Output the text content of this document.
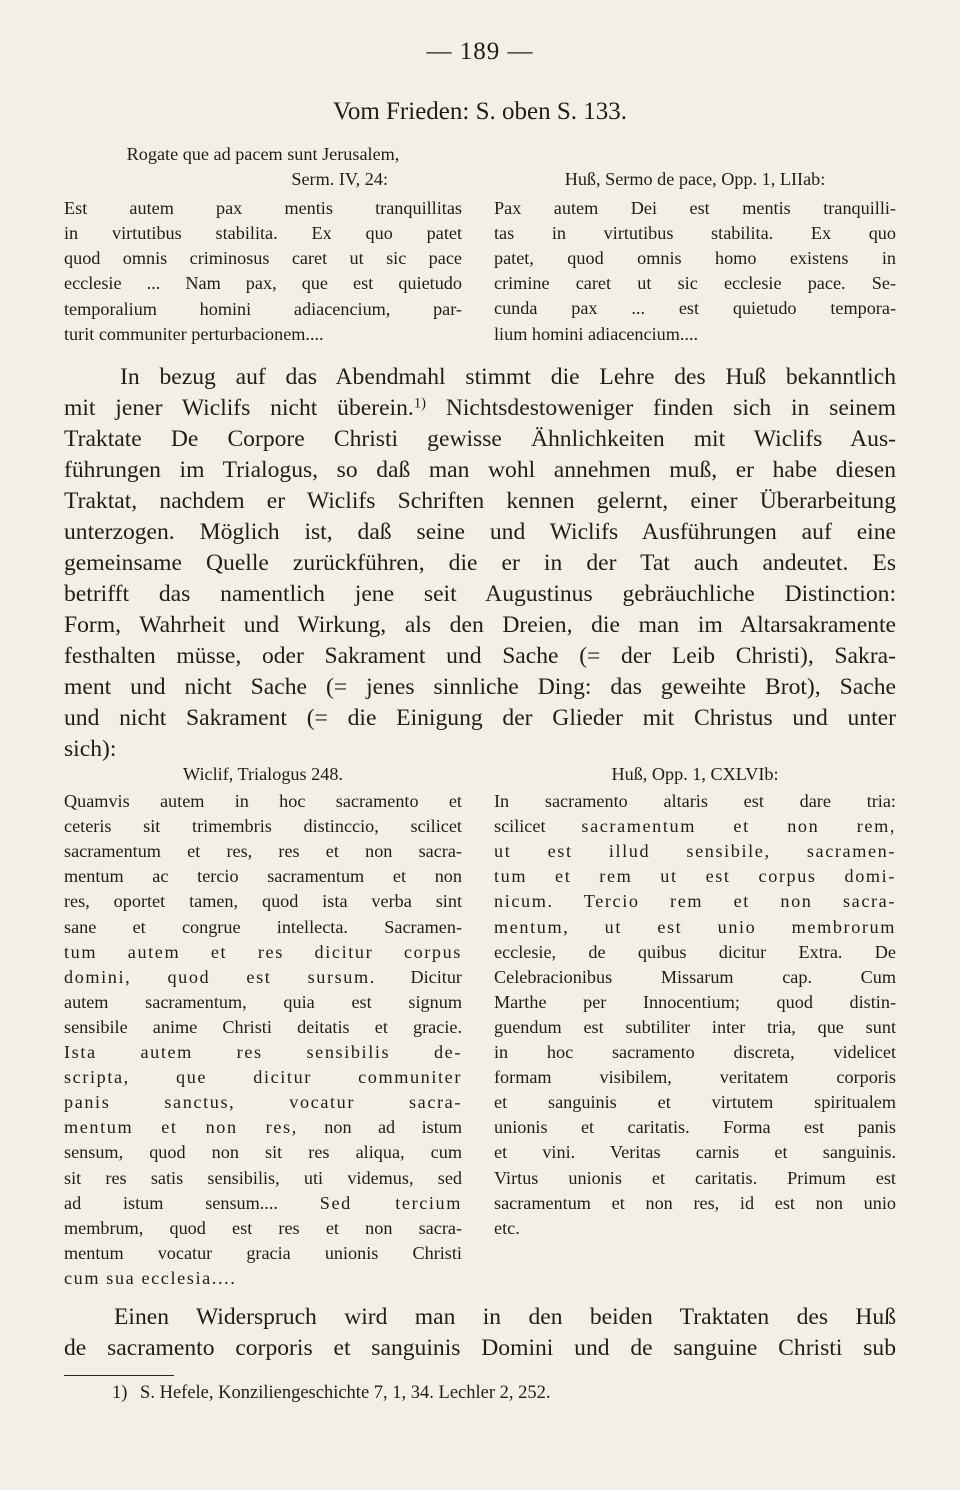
— 189 —
Vom Frieden: S. oben S. 133.
Rogate que ad pacem sunt Jerusalem,
Serm. IV, 24:
Est autem pax mentis tranquillitas
in virtutibus stabilita. Ex quo patet
quod omnis criminosus caret ut sic pace
ecclesie ... Nam pax, que est quietudo
temporalium homini adiacencium, par-
turit communiter perturbacionem....
Huß, Sermo de pace, Opp. 1, LIIab:
Pax autem Dei est mentis tranquilli-
tas in virtutibus stabilita. Ex quo
patet, quod omnis homo existens in
crimine caret ut sic ecclesie pace. Se-
cunda pax ... est quietudo tempora-
lium homini adiacencium....
In bezug auf das Abendmahl stimmt die Lehre des Huß bekanntlich
mit jener Wiclifs nicht überein.$^{1)}$ Nichtsdestoweniger finden sich in seinem
Traktate De Corpore Christi gewisse Ähnlichkeiten mit Wiclifs Aus-
führungen im Trialogus, so daß man wohl annehmen muß, er habe diesen
Traktat, nachdem er Wiclifs Schriften kennen gelernt, einer Überarbeitung
unterzogen. Möglich ist, daß seine und Wiclifs Ausführungen auf eine
gemeinsame Quelle zurückführen, die er in der Tat auch andeutet. Es
betrifft das namentlich jene seit Augustinus gebräuchliche Distinction:
Form, Wahrheit und Wirkung, als den Dreien, die man im Altarsakramente
festhalten müsse, oder Sakrament und Sache (= der Leib Christi), Sakra-
ment und nicht Sache (= jenes sinnliche Ding: das geweihte Brot), Sache
und nicht Sakrament (= die Einigung der Glieder mit Christus und unter
sich):
Wiclif, Trialogus 248.
Quamvis autem in hoc sacramento et
ceteris sit trimembris distinccio, scilicet
sacramentum et res, res et non sacra-
mentum ac tercio sacramentum et non
res, oportet tamen, quod ista verba sint
sane et congrue intellecta. Sacramen-
tum autem et res dicitur corpus
domini, quod est sursum. Dicitur
autem sacramentum, quia est signum
sensibile anime Christi deitatis et gracie.
Ista autem res sensibilis de-
scripta, que dicitur communiter
panis sanctus, vocatur sacra-
mentum et non res, non ad istum
sensum, quod non sit res aliqua, cum
sit res satis sensibilis, uti videmus, sed
ad istum sensum.... Sed tercium
membrum, quod est res et non sacra-
mentum vocatur gracia unionis Christi
cum sua ecclesia....
Huß, Opp. 1, CXLVIb:
In sacramento altaris est dare tria:
scilicet sacramentum et non rem,
ut est illud sensibile, sacramen-
tum et rem ut est corpus domi-
nicum. Tercio rem et non sacra-
mentum, ut est unio membrorum
ecclesie, de quibus dicitur Extra. De
Celebracionibus Missarum cap. Cum
Marthe per Innocentium; quod distin-
guendum est subtiliter inter tria, que sunt
in hoc sacramento discreta, videlicet
formam visibilem, veritatem corporis
et sanguinis et virtutem spiritualem
unionis et caritatis. Forma est panis
et vini. Veritas carnis et sanguinis.
Virtus unionis et caritatis. Primum est
sacramentum et non res, id est non unio
etc.
Einen Widerspruch wird man in den beiden Traktaten des Huß
de sacramento corporis et sanguinis Domini und de sanguine Christi sub
1) S. Hefele, Konziliengeschichte 7, 1, 34. Lechler 2, 252.
